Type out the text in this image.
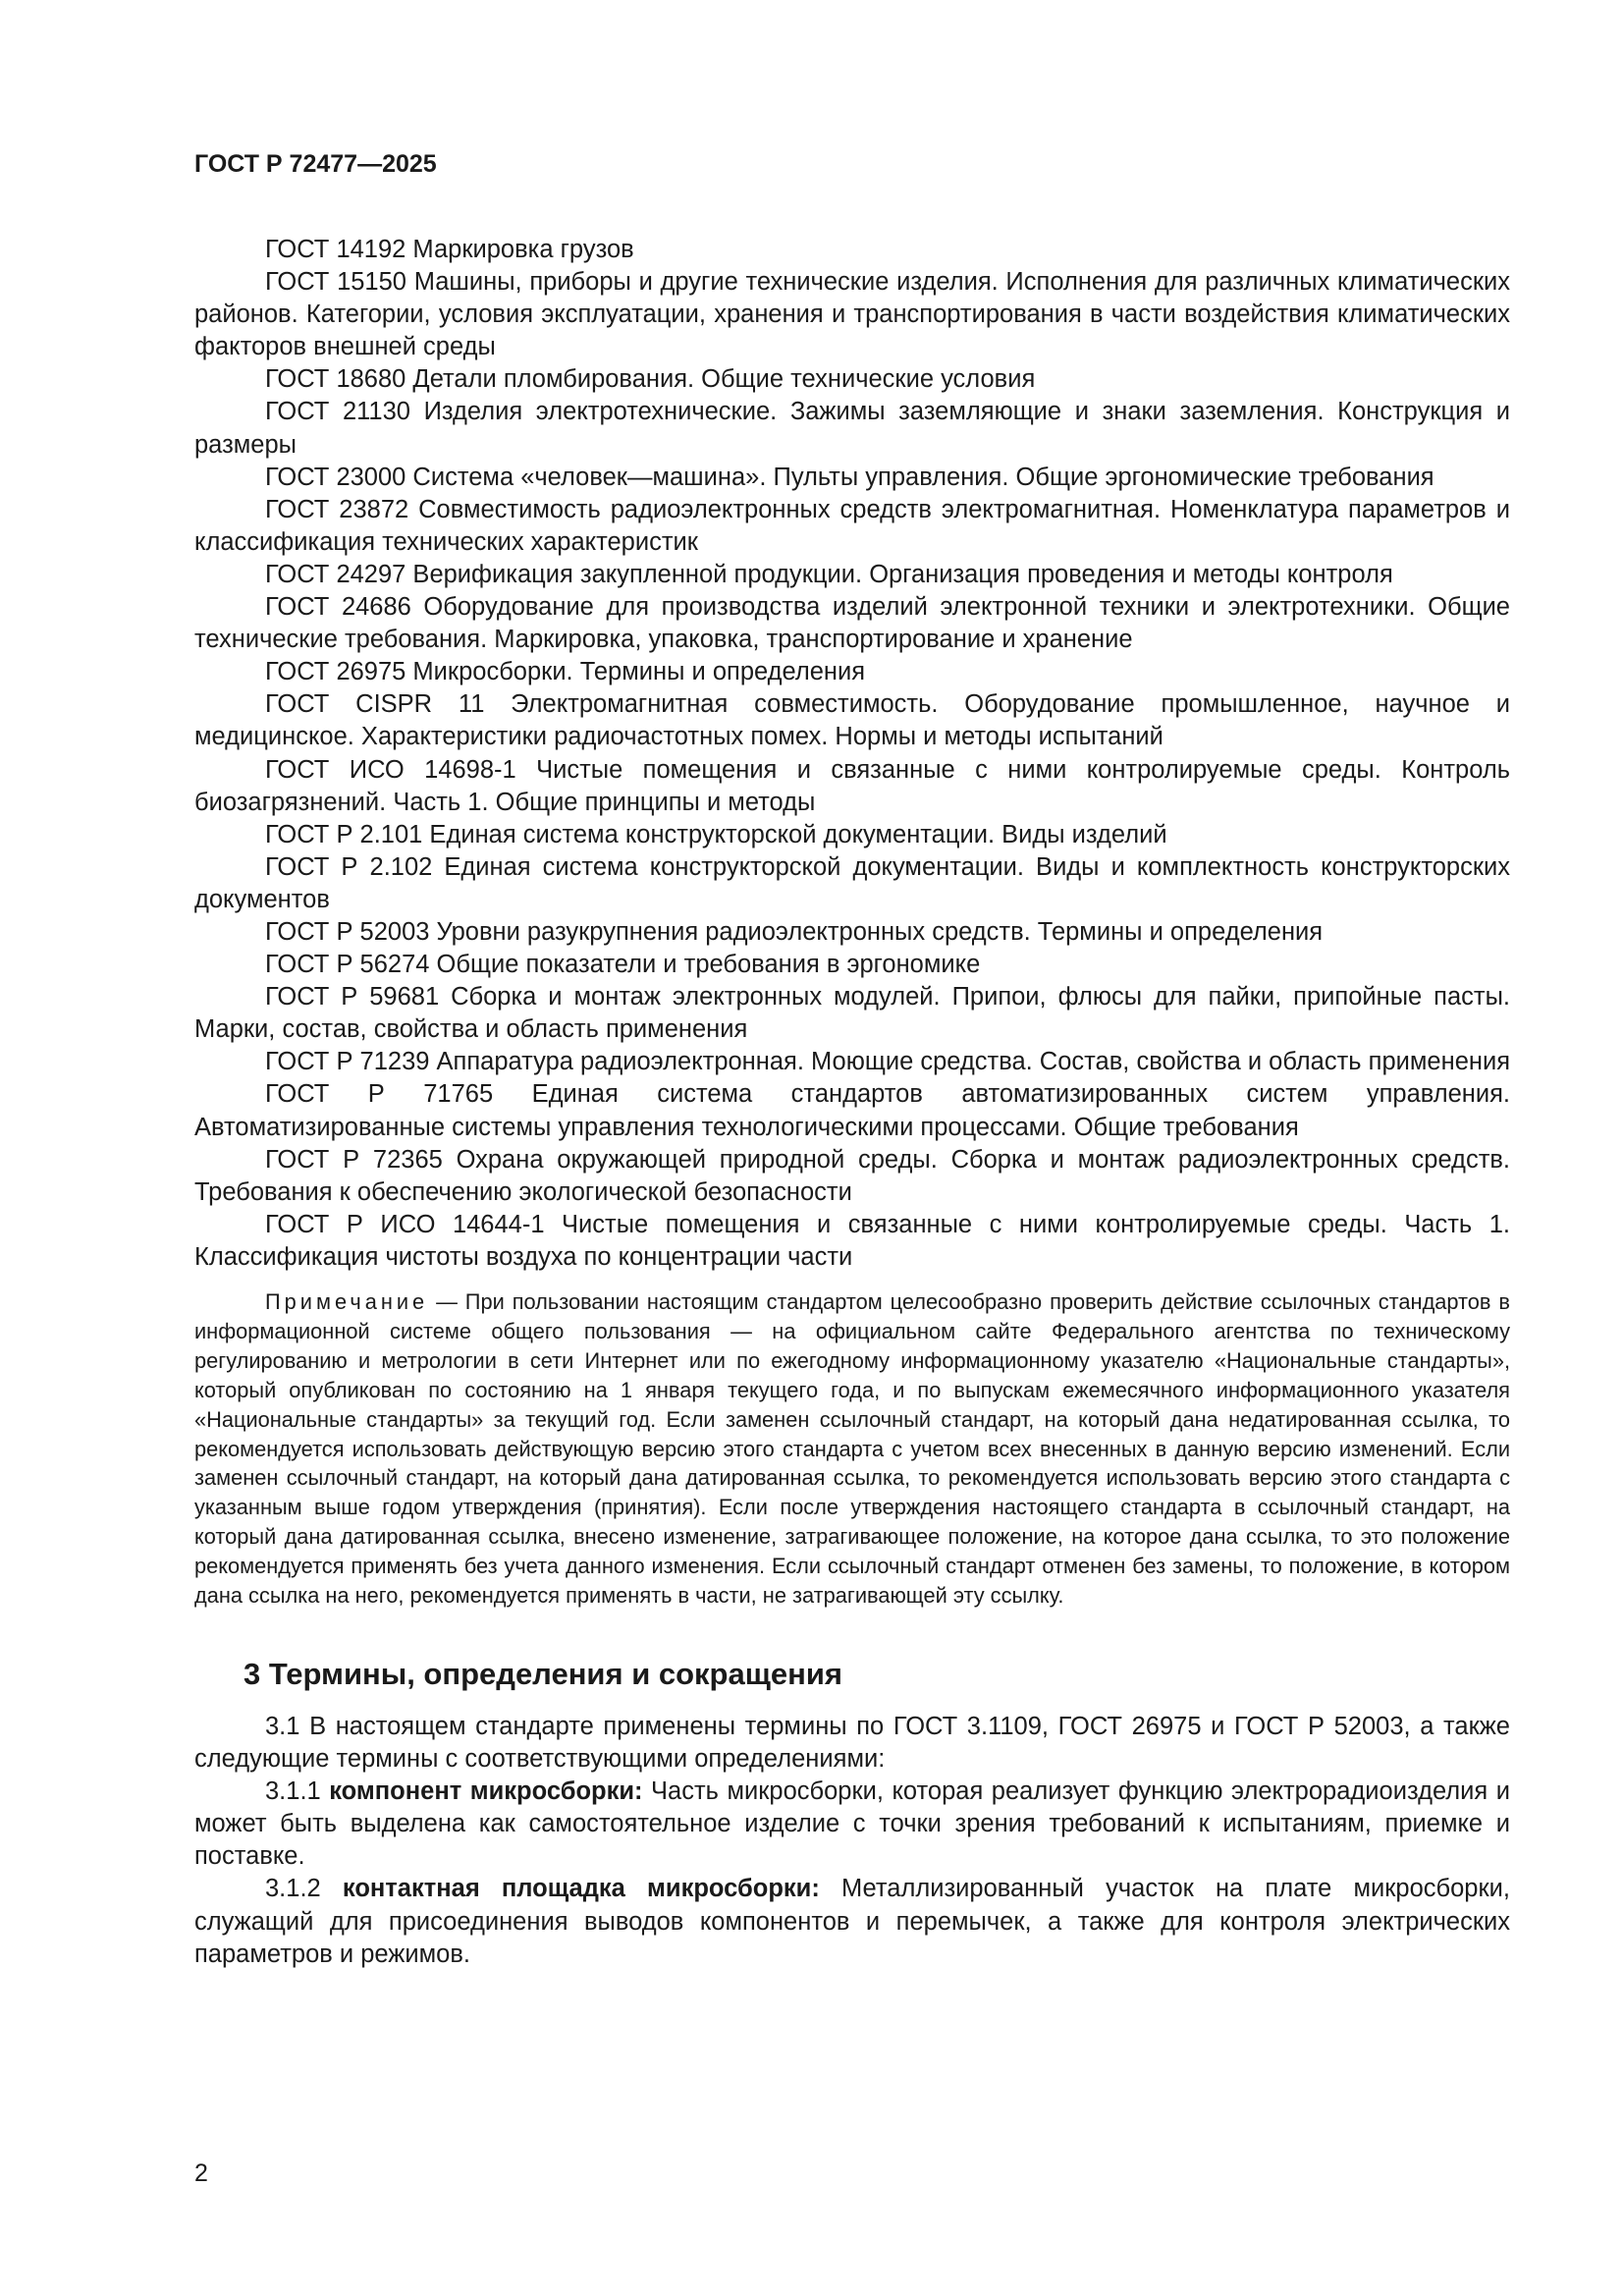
ГОСТ Р 72477—2025

ГОСТ 14192 Маркировка грузов

ГОСТ 15150 Машины, приборы и другие технические изделия. Исполнения для различных климатических районов. Категории, условия эксплуатации, хранения и транспортирования в части воздействия климатических факторов внешней среды

ГОСТ 18680 Детали пломбирования. Общие технические условия

ГОСТ 21130 Изделия электротехнические. Зажимы заземляющие и знаки заземления. Конструкция и размеры

ГОСТ 23000 Система «человек—машина». Пульты управления. Общие эргономические требования

ГОСТ 23872 Совместимость радиоэлектронных средств электромагнитная. Номенклатура параметров и классификация технических характеристик

ГОСТ 24297 Верификация закупленной продукции. Организация проведения и методы контроля

ГОСТ 24686 Оборудование для производства изделий электронной техники и электротехники. Общие технические требования. Маркировка, упаковка, транспортирование и хранение

ГОСТ 26975 Микросборки. Термины и определения

ГОСТ CISPR 11 Электромагнитная совместимость. Оборудование промышленное, научное и медицинское. Характеристики радиочастотных помех. Нормы и методы испытаний

ГОСТ ИСО 14698-1 Чистые помещения и связанные с ними контролируемые среды. Контроль биозагрязнений. Часть 1. Общие принципы и методы

ГОСТ Р 2.101 Единая система конструкторской документации. Виды изделий

ГОСТ Р 2.102 Единая система конструкторской документации. Виды и комплектность конструкторских документов

ГОСТ Р 52003 Уровни разукрупнения радиоэлектронных средств. Термины и определения

ГОСТ Р 56274 Общие показатели и требования в эргономике

ГОСТ Р 59681 Сборка и монтаж электронных модулей. Припои, флюсы для пайки, припойные пасты. Марки, состав, свойства и область применения

ГОСТ Р 71239 Аппаратура радиоэлектронная. Моющие средства. Состав, свойства и область применения

ГОСТ Р 71765 Единая система стандартов автоматизированных систем управления. Автоматизированные системы управления технологическими процессами. Общие требования

ГОСТ Р 72365 Охрана окружающей природной среды. Сборка и монтаж радиоэлектронных средств. Требования к обеспечению экологической безопасности

ГОСТ Р ИСО 14644-1 Чистые помещения и связанные с ними контролируемые среды. Часть 1. Классификация чистоты воздуха по концентрации части

Примечание — При пользовании настоящим стандартом целесообразно проверить действие ссылочных стандартов в информационной системе общего пользования — на официальном сайте Федерального агентства по техническому регулированию и метрологии в сети Интернет или по ежегодному информационному указателю «Национальные стандарты», который опубликован по состоянию на 1 января текущего года, и по выпускам ежемесячного информационного указателя «Национальные стандарты» за текущий год. Если заменен ссылочный стандарт, на который дана недатированная ссылка, то рекомендуется использовать действующую версию этого стандарта с учетом всех внесенных в данную версию изменений. Если заменен ссылочный стандарт, на который дана датированная ссылка, то рекомендуется использовать версию этого стандарта с указанным выше годом утверждения (принятия). Если после утверждения настоящего стандарта в ссылочный стандарт, на который дана датированная ссылка, внесено изменение, затрагивающее положение, на которое дана ссылка, то это положение рекомендуется применять без учета данного изменения. Если ссылочный стандарт отменен без замены, то положение, в котором дана ссылка на него, рекомендуется применять в части, не затрагивающей эту ссылку.
3 Термины, определения и сокращения

3.1 В настоящем стандарте применены термины по ГОСТ 3.1109, ГОСТ 26975 и ГОСТ Р 52003, а также следующие термины с соответствующими определениями:

3.1.1 компонент микросборки: Часть микросборки, которая реализует функцию электрорадиоизделия и может быть выделена как самостоятельное изделие с точки зрения требований к испытаниям, приемке и поставке.

3.1.2 контактная площадка микросборки: Металлизированный участок на плате микросборки, служащий для присоединения выводов компонентов и перемычек, а также для контроля электрических параметров и режимов.

2
